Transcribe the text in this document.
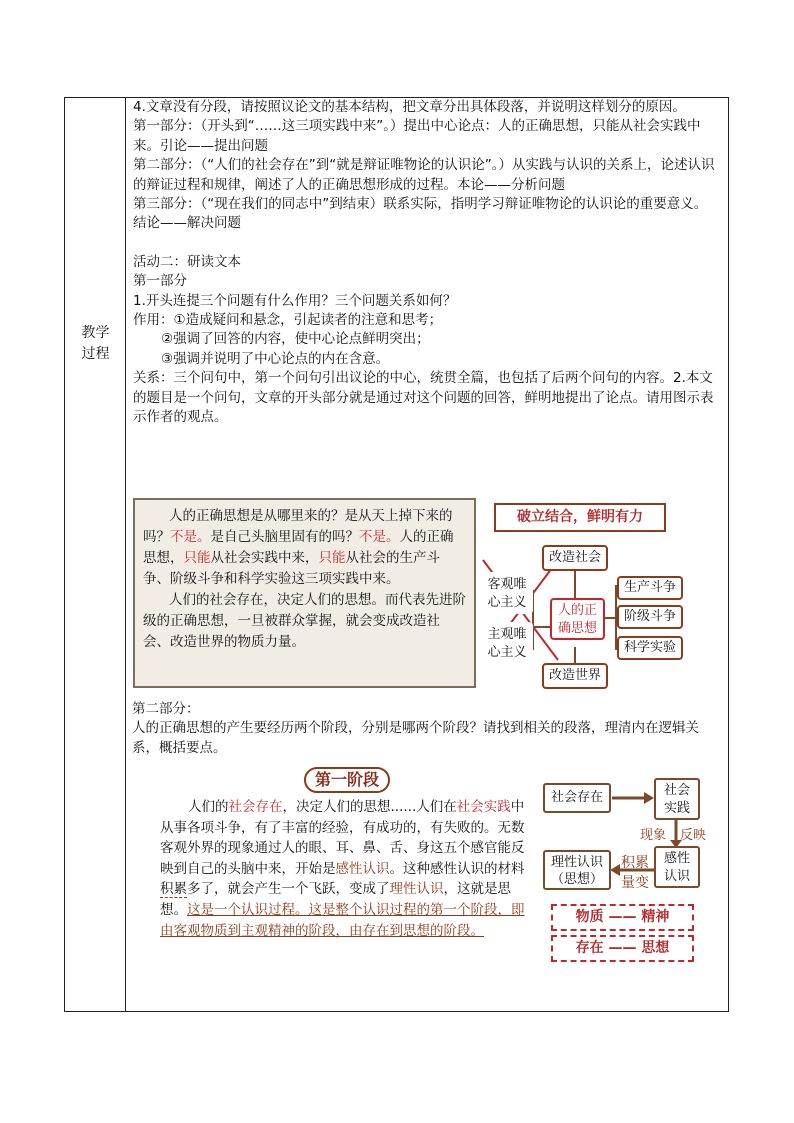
教学
过程

4.文章没有分段，请按照议论文的基本结构，把文章分出具体段落，并说明这样划分的原因。

第一部分：（开头到“……这三项实践中来”。）提出中心论点：人的正确思想，只能从社会实践中来。引论——提出问题

第二部分：（“人们的社会存在”到“就是辩证唯物论的认识论”。）从实践与认识的关系上，论述认识的辩证过程和规律，阐述了人的正确思想形成的过程。本论——分析问题

第三部分：（“现在我们的同志中”到结束）联系实际，指明学习辩证唯物论的认识论的重要意义。 结论——解决问题

活动二：研读文本

第一部分

1.开头连提三个问题有什么作用？三个问题关系如何？

作用：①造成疑问和悬念，引起读者的注意和思考；

②强调了回答的内容，使中心论点鲜明突出；

③强调并说明了中心论点的内在含意。

关系：三个问句中，第一个问句引出议论的中心，统贯全篇，也包括了后两个问句的内容。2.本文的题目是一个问句，文章的开头部分就是通过对这个问题的回答，鲜明地提出了论点。请用图示表示作者的观点。

人的正确思想是从哪里来的？是从天上掉下来的吗？不是。是自己头脑里固有的吗？不是。人的正确思想，只能从社会实践中来，只能从社会的生产斗争、阶级斗争和科学实验这三项实践中来。

人们的社会存在，决定人们的思想。而代表先进阶级的正确思想，一旦被群众掌握，就会变成改造社会、改造世界的物质力量。

破立结合，鲜明有力
改造社会
改造世界
人的正
确思想
客观唯
心主义
主观唯
心主义
生产斗争
阶级斗争
科学实验

第二部分：

人的正确思想的产生要经历两个阶段，分别是哪两个阶段？请找到相关的段落，理清内在逻辑关系，概括要点。

第一阶段

人们的社会存在，决定人们的思想......人们在社会实践中从事各项斗争，有了丰富的经验，有成功的，有失败的。无数客观外界的现象通过人的眼、耳、鼻、舌、身这五个感官能反映到自己的头脑中来，开始是感性认识。这种感性认识的材料积累多了，就会产生一个飞跃，变成了理性认识，这就是思想。这是一个认识过程。这是整个认识过程的第一个阶段，即由客观物质到主观精神的阶段，由存在到思想的阶段。

社会存在	社会
实践
现象 反映
感性
认识
理性认识
（思想）
积累
量变
物质 —— 精神
存在 —— 思想
